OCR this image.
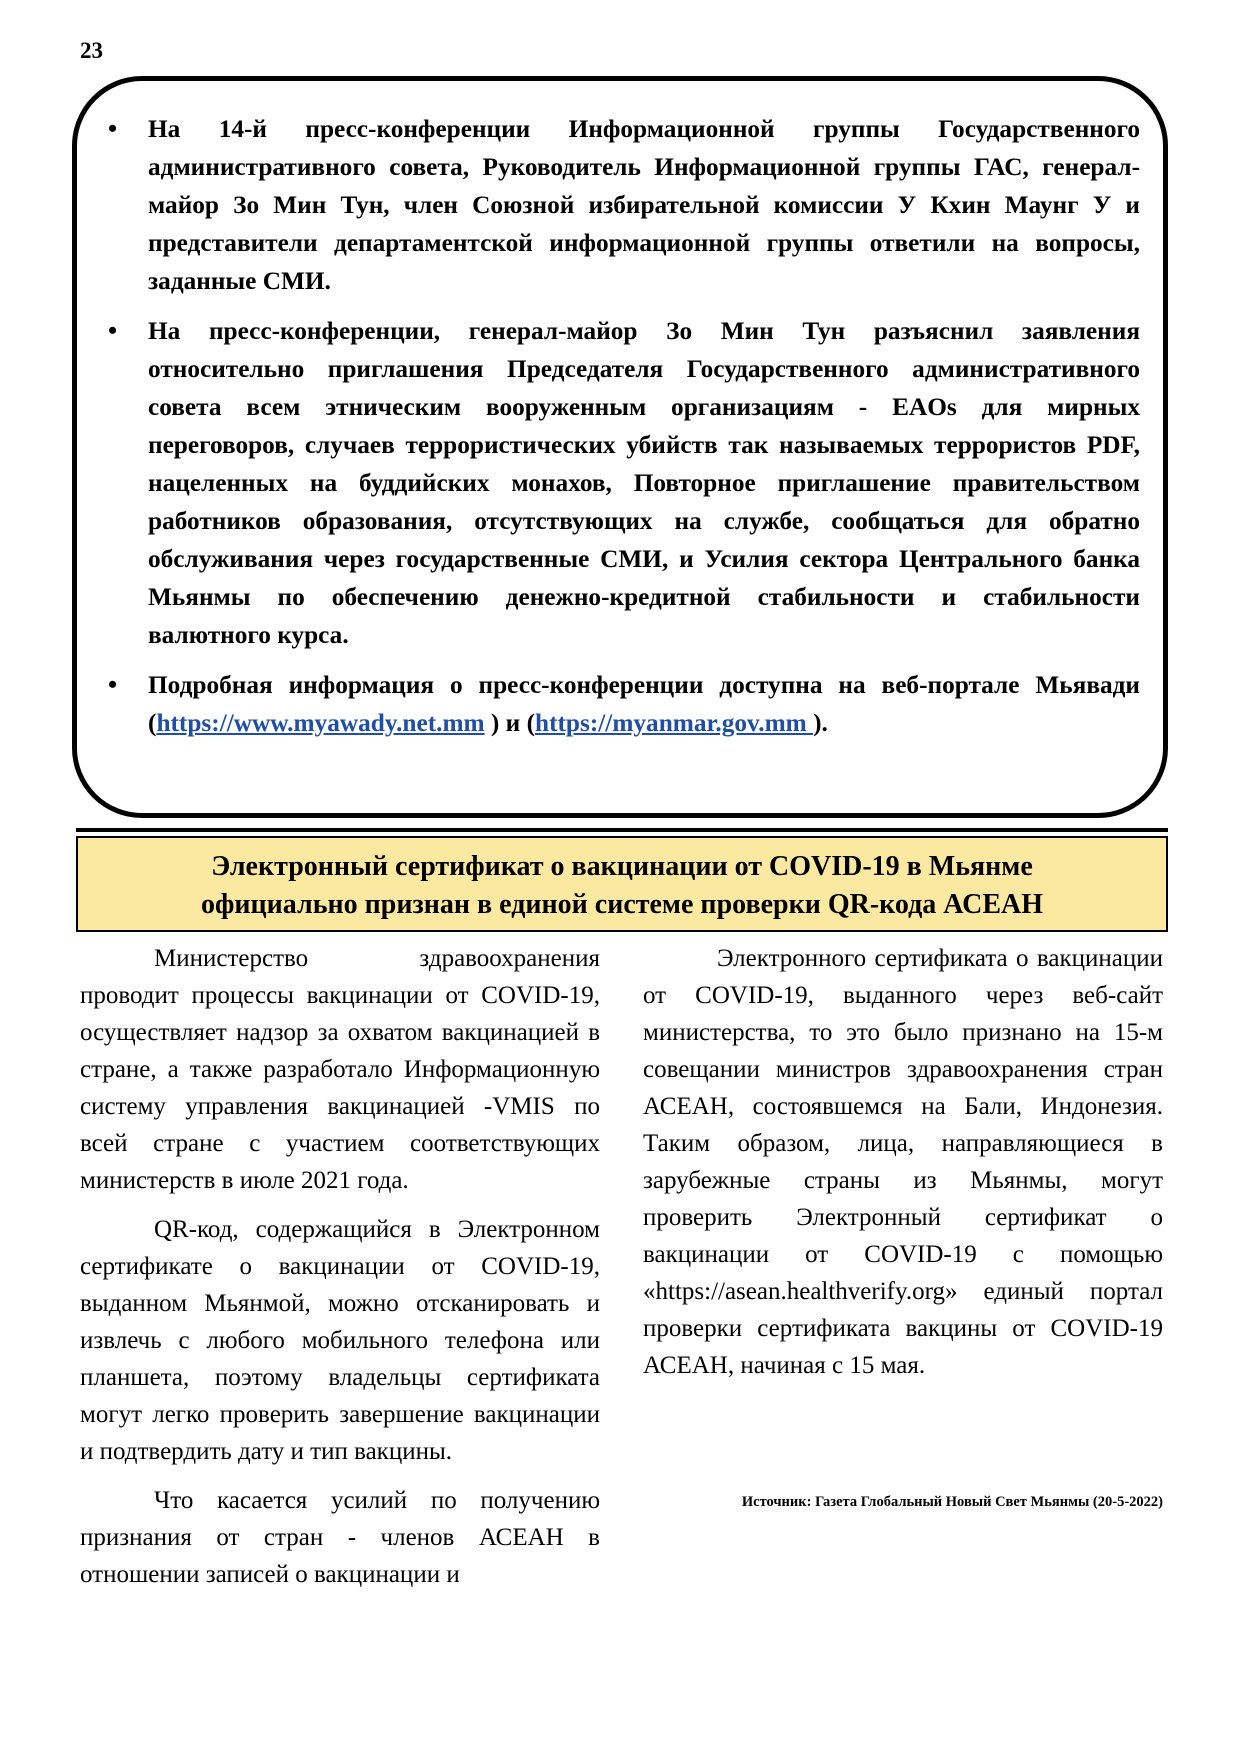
23
• На 14-й пресс-конференции Информационной группы Государственного административного совета, Руководитель Информационной группы ГАС, генерал-майор Зо Мин Тун, член Союзной избирательной комиссии У Кхин Маунг У и представители департаментской информационной группы ответили на вопросы, заданные СМИ.
• На пресс-конференции, генерал-майор Зо Мин Тун разъяснил заявления относительно приглашения Председателя Государственного административного совета всем этническим вооруженным организациям - EAOs для мирных переговоров, случаев террористических убийств так называемых террористов PDF, нацеленных на буддийских монахов, Повторное приглашение правительством работников образования, отсутствующих на службе, сообщаться для обратно обслуживания через государственные СМИ, и Усилия сектора Центрального банка Мьянмы по обеспечению денежно-кредитной стабильности и стабильности валютного курса.
• Подробная информация о пресс-конференции доступна на веб-портале Мьявади (https://www.myawady.net.mm ) и (https://myanmar.gov.mm ).
Электронный сертификат о вакцинации от COVID-19 в Мьянме
официально признан в единой системе проверки QR-кода АСЕАН

Министерство здравоохранения проводит процессы вакцинации от COVID-19, осуществляет надзор за охватом вакцинацией в стране, а также разработало Информационную систему управления вакцинацией -VMIS по всей стране с участием соответствующих министерств в июле 2021 года.

QR-код, содержащийся в Электронном сертификате о вакцинации от COVID-19, выданном Мьянмой, можно отсканировать и извлечь с любого мобильного телефона или планшета, поэтому владельцы сертификата могут легко проверить завершение вакцинации и подтвердить дату и тип вакцины.

Что касается усилий по получению признания от стран - членов АСЕАН в отношении записей о вакцинации и

Электронного сертификата о вакцинации от COVID-19, выданного через веб-сайт министерства, то это было признано на 15-м совещании министров здравоохранения стран АСЕАН, состоявшемся на Бали, Индонезия. Таким образом, лица, направляющиеся в зарубежные страны из Мьянмы, могут проверить Электронный сертификат о вакцинации от COVID-19 с помощью «https://asean.healthverify.org» единый портал проверки сертификата вакцины от COVID-19 АСЕАН, начиная с 15 мая.

Источник: Газета Глобальный Новый Свет Мьянмы (20-5-2022)
